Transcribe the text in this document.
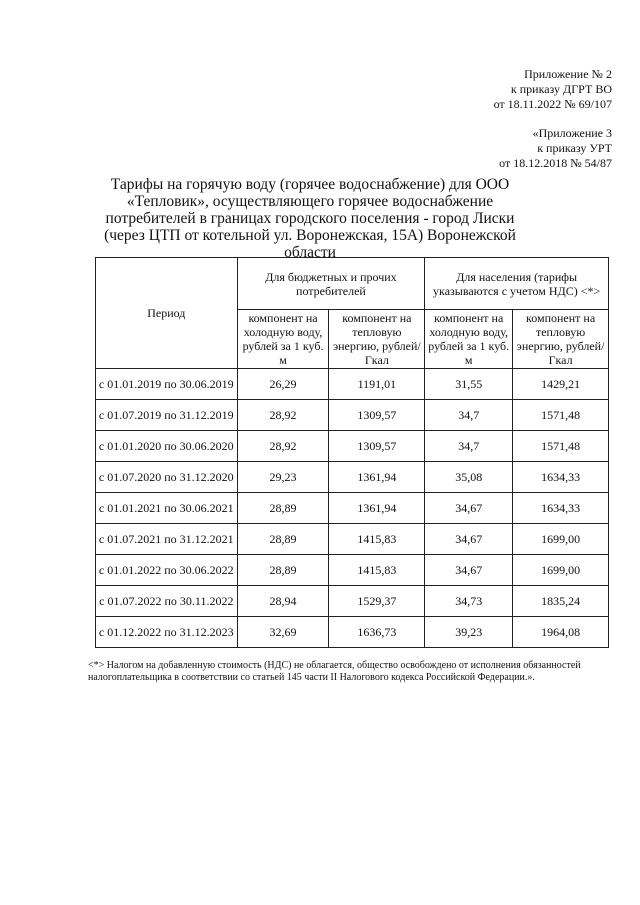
Приложение № 2
к приказу ДГРТ ВО
от 18.11.2022 № 69/107
«Приложение 3
к приказу УРТ
от 18.12.2018 № 54/87
Тарифы на горячую воду (горячее водоснабжение) для ООО «Тепловик», осуществляющего горячее водоснабжение потребителей в границах городского поселения - город Лиски (через ЦТП от котельной ул. Воронежская, 15А) Воронежской области
Период	Для бюджетных и прочих потребителей		Для населения (тарифы указываются с учетом НДС) <*>	
	компонент на холодную воду, рублей за 1 куб. м	компонент на тепловую энергию, рублей/Гкал	компонент на холодную воду, рублей за 1 куб. м	компонент на тепловую энергию, рублей/Гкал
с 01.01.2019 по 30.06.2019	26,29	1191,01	31,55	1429,21
с 01.07.2019 по 31.12.2019	28,92	1309,57	34,7	1571,48
с 01.01.2020 по 30.06.2020	28,92	1309,57	34,7	1571,48
с 01.07.2020 по 31.12.2020	29,23	1361,94	35,08	1634,33
с 01.01.2021 по 30.06.2021	28,89	1361,94	34,67	1634,33
с 01.07.2021 по 31.12.2021	28,89	1415,83	34,67	1699,00
с 01.01.2022 по 30.06.2022	28,89	1415,83	34,67	1699,00
с 01.07.2022 по 30.11.2022	28,94	1529,37	34,73	1835,24
с 01.12.2022 по 31.12.2023	32,69	1636,73	39,23	1964,08
<*> Налогом на добавленную стоимость (НДС) не облагается, общество освобождено от исполнения обязанностей налогоплательщика в соответствии со статьей 145 части II Налогового кодекса Российской Федерации.».
